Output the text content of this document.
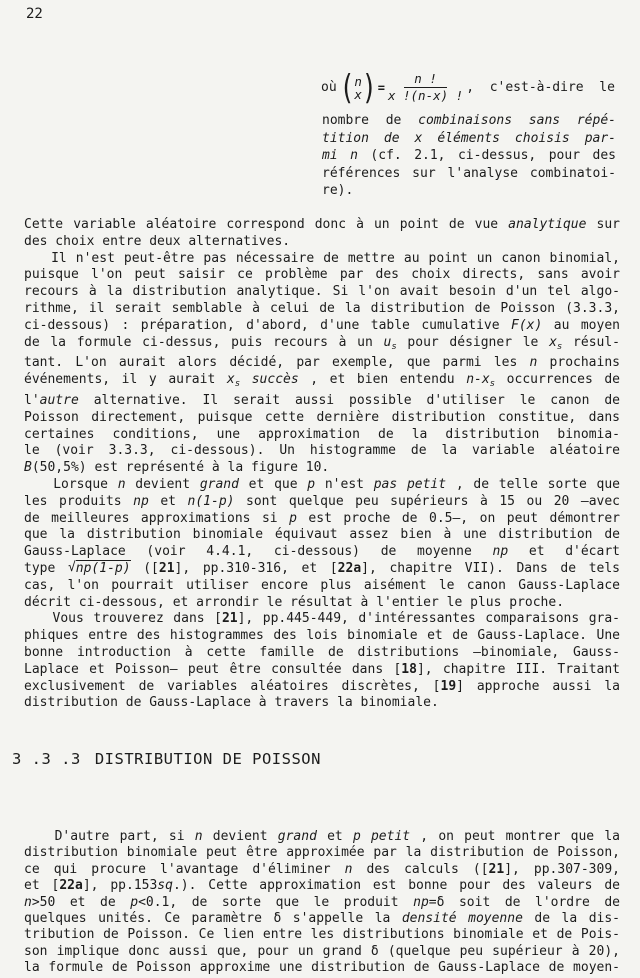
22
où ( n
x ) = $\frac{n !}{x !(n-x) !}$ ,  c'est-à-dire  le
nombre de combinaisons sans répé-
tition de x éléments choisis par-
mi n (cf. 2.1, ci-dessus, pour des
références sur l'analyse combinatoi-
re).
Cette variable aléatoire correspond donc à un point de vue analytique sur
des choix entre deux alternatives.
Il n'est peut-être pas nécessaire de mettre au point un canon binomial,
puisque l'on peut saisir ce problème par des choix directs, sans avoir
recours à la distribution analytique. Si l'on avait besoin d'un tel algo-
rithme, il serait semblable à celui de la distribution de Poisson (3.3.3,
ci-dessous) : préparation, d'abord, d'une table cumulative F(x) au moyen
de la formule ci-dessus, puis recours à un $u_s$ pour désigner le $x_s$ résul-
tant. L'on aurait alors décidé, par exemple, que parmi les n prochains
événements, il y aurait $x_s$ succès , et bien entendu $n-x_s$ occurrences de
l'autre alternative. Il serait aussi possible d'utiliser le canon de
Poisson directement, puisque cette dernière distribution constitue, dans
certaines conditions, une approximation de la distribution binomia-
le (voir 3.3.3, ci-dessous). Un histogramme de la variable aléatoire
B(50,5%) est représenté à la figure 10.
Lorsque n devient grand et que p n'est pas petit , de telle sorte que
les produits np et n(1-p) sont quelque peu supérieurs à 15 ou 20 —avec
de meilleures approximations si p est proche de 0.5—, on peut démontrer
que la distribution binomiale équivaut assez bien à une distribution de
Gauss-Laplace (voir 4.4.1, ci-dessous) de moyenne np et d'écart
type √np(1-p) ([21], pp.310-316, et [22a], chapitre VII). Dans de tels
cas, l'on pourrait utiliser encore plus aisément le canon Gauss-Laplace
décrit ci-dessous, et arrondir le résultat à l'entier le plus proche.
Vous trouverez dans [21], pp.445-449, d'intéressantes comparaisons gra-
phiques entre des histogrammes des lois binomiale et de Gauss-Laplace. Une
bonne introduction à cette famille de distributions —binomiale, Gauss-
Laplace et Poisson— peut être consultée dans [18], chapitre III. Traitant
exclusivement de variables aléatoires discrètes, [19] approche aussi la
distribution de Gauss-Laplace à travers la binomiale.
3 .3 .3 DISTRIBUTION DE POISSON
D'autre part, si n devient grand et p petit , on peut montrer que la
distribution binomiale peut être approximée par la distribution de Poisson,
ce qui procure l'avantage d'éliminer n des calculs ([21], pp.307-309,
et [22a], pp.153sq.). Cette approximation est bonne pour des valeurs de
n>50 et de p<0.1, de sorte que le produit np=δ soit de l'ordre de
quelques unités. Ce paramètre δ s'appelle la densité moyenne de la dis-
tribution de Poisson. Ce lien entre les distributions binomiale et de Pois-
son implique donc aussi que, pour un grand δ (quelque peu supérieur à 20),
la formule de Poisson approxime une distribution de Gauss-Laplace de moyen-
